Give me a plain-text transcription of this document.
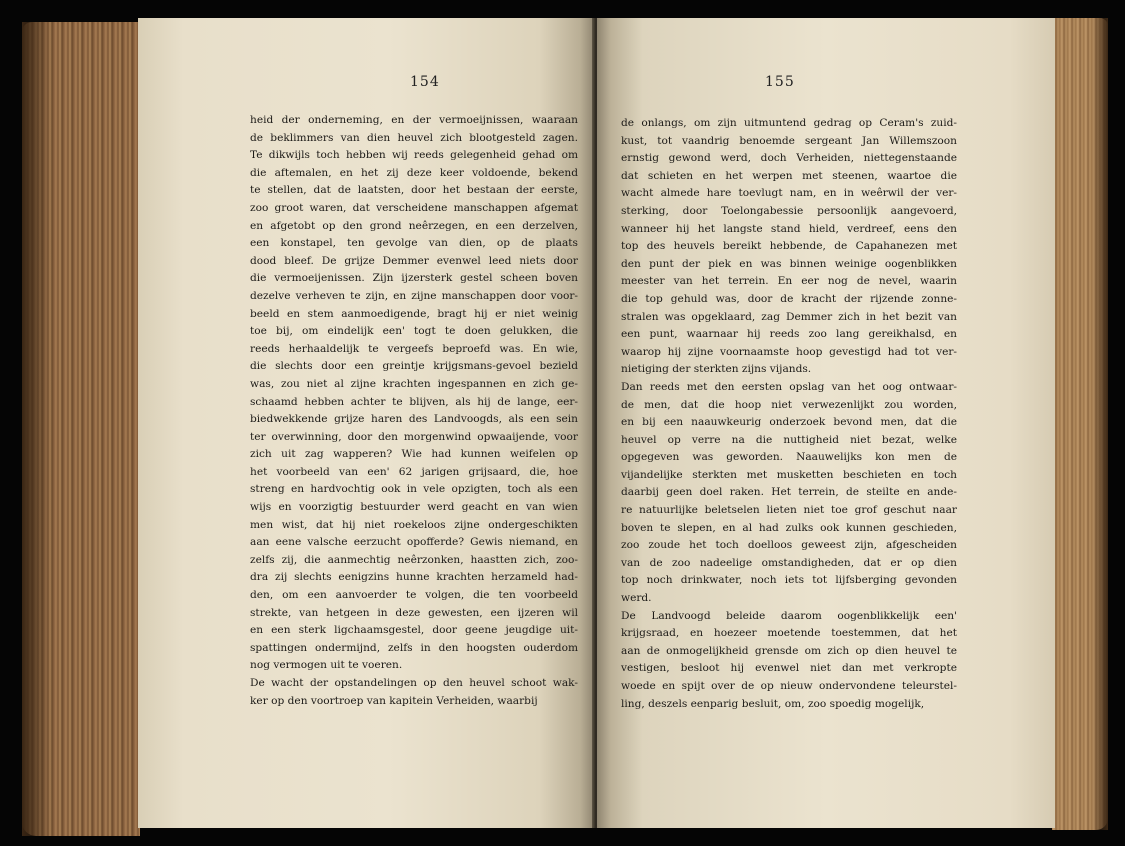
154
heid der onderneming, en der vermoeijnissen, waaraan
de beklimmers van dien heuvel zich blootgesteld zagen.
Te dikwijls toch hebben wij reeds gelegenheid gehad om
die aftemalen, en het zij deze keer voldoende, bekend
te stellen, dat de laatsten, door het bestaan der eerste,
zoo groot waren, dat verscheidene manschappen afgemat
en afgetobt op den grond neêrzegen, en een derzelven,
een konstapel, ten gevolge van dien, op de plaats
dood bleef. De grijze Demmer evenwel leed niets door
die vermoeijenissen. Zijn ijzersterk gestel scheen boven
dezelve verheven te zijn, en zijne manschappen door voor-
beeld en stem aanmoedigende, bragt hij er niet weinig
toe bij, om eindelijk een' togt te doen gelukken, die
reeds herhaaldelijk te vergeefs beproefd was. En wie,
die slechts door een greintje krijgsmans-gevoel bezield
was, zou niet al zijne krachten ingespannen en zich ge-
schaamd hebben achter te blijven, als hij de lange, eer-
biedwekkende grijze haren des Landvoogds, als een sein
ter overwinning, door den morgenwind opwaaijende, voor
zich uit zag wapperen? Wie had kunnen weifelen op
het voorbeeld van een' 62 jarigen grijsaard, die, hoe
streng en hardvochtig ook in vele opzigten, toch als een
wijs en voorzigtig bestuurder werd geacht en van wien
men wist, dat hij niet roekeloos zijne ondergeschikten
aan eene valsche eerzucht opofferde? Gewis niemand, en
zelfs zij, die aanmechtig neêrzonken, haastten zich, zoo-
dra zij slechts eenigzins hunne krachten herzameld had-
den, om een aanvoerder te volgen, die ten voorbeeld
strekte, van hetgeen in deze gewesten, een ijzeren wil
en een sterk ligchaamsgestel, door geene jeugdige uit-
spattingen ondermijnd, zelfs in den hoogsten ouderdom
nog vermogen uit te voeren.
De wacht der opstandelingen op den heuvel schoot wak-
ker op den voortroep van kapitein Verheiden, waarbij
155
de onlangs, om zijn uitmuntend gedrag op Ceram's zuid-
kust, tot vaandrig benoemde sergeant Jan Willemszoon
ernstig gewond werd, doch Verheiden, niettegenstaande
dat schieten en het werpen met steenen, waartoe die
wacht almede hare toevlugt nam, en in weêrwil der ver-
sterking, door Toelongabessie persoonlijk aangevoerd,
wanneer hij het langste stand hield, verdreef, eens den
top des heuvels bereikt hebbende, de Capahanezen met
den punt der piek en was binnen weinige oogenblikken
meester van het terrein. En eer nog de nevel, waarin
die top gehuld was, door de kracht der rijzende zonne-
stralen was opgeklaard, zag Demmer zich in het bezit van
een punt, waarnaar hij reeds zoo lang gereikhalsd, en
waarop hij zijne voornaamste hoop gevestigd had tot ver-
nietiging der sterkten zijns vijands.
Dan reeds met den eersten opslag van het oog ontwaar-
de men, dat die hoop niet verwezenlijkt zou worden,
en bij een naauwkeurig onderzoek bevond men, dat die
heuvel op verre na die nuttigheid niet bezat, welke
opgegeven was geworden. Naauwelijks kon men de
vijandelijke sterkten met musketten beschieten en toch
daarbij geen doel raken. Het terrein, de steilte en ande-
re natuurlijke beletselen lieten niet toe grof geschut naar
boven te slepen, en al had zulks ook kunnen geschieden,
zoo zoude het toch doelloos geweest zijn, afgescheiden
van de zoo nadeelige omstandigheden, dat er op dien
top noch drinkwater, noch iets tot lijfsberging gevonden
werd.
De Landvoogd beleide daarom oogenblikkelijk een'
krijgsraad, en hoezeer moetende toestemmen, dat het
aan de onmogelijkheid grensde om zich op dien heuvel te
vestigen, besloot hij evenwel niet dan met verkropte
woede en spijt over de op nieuw ondervondene teleurstel-
ling, deszels eenparig besluit, om, zoo spoedig mogelijk,
